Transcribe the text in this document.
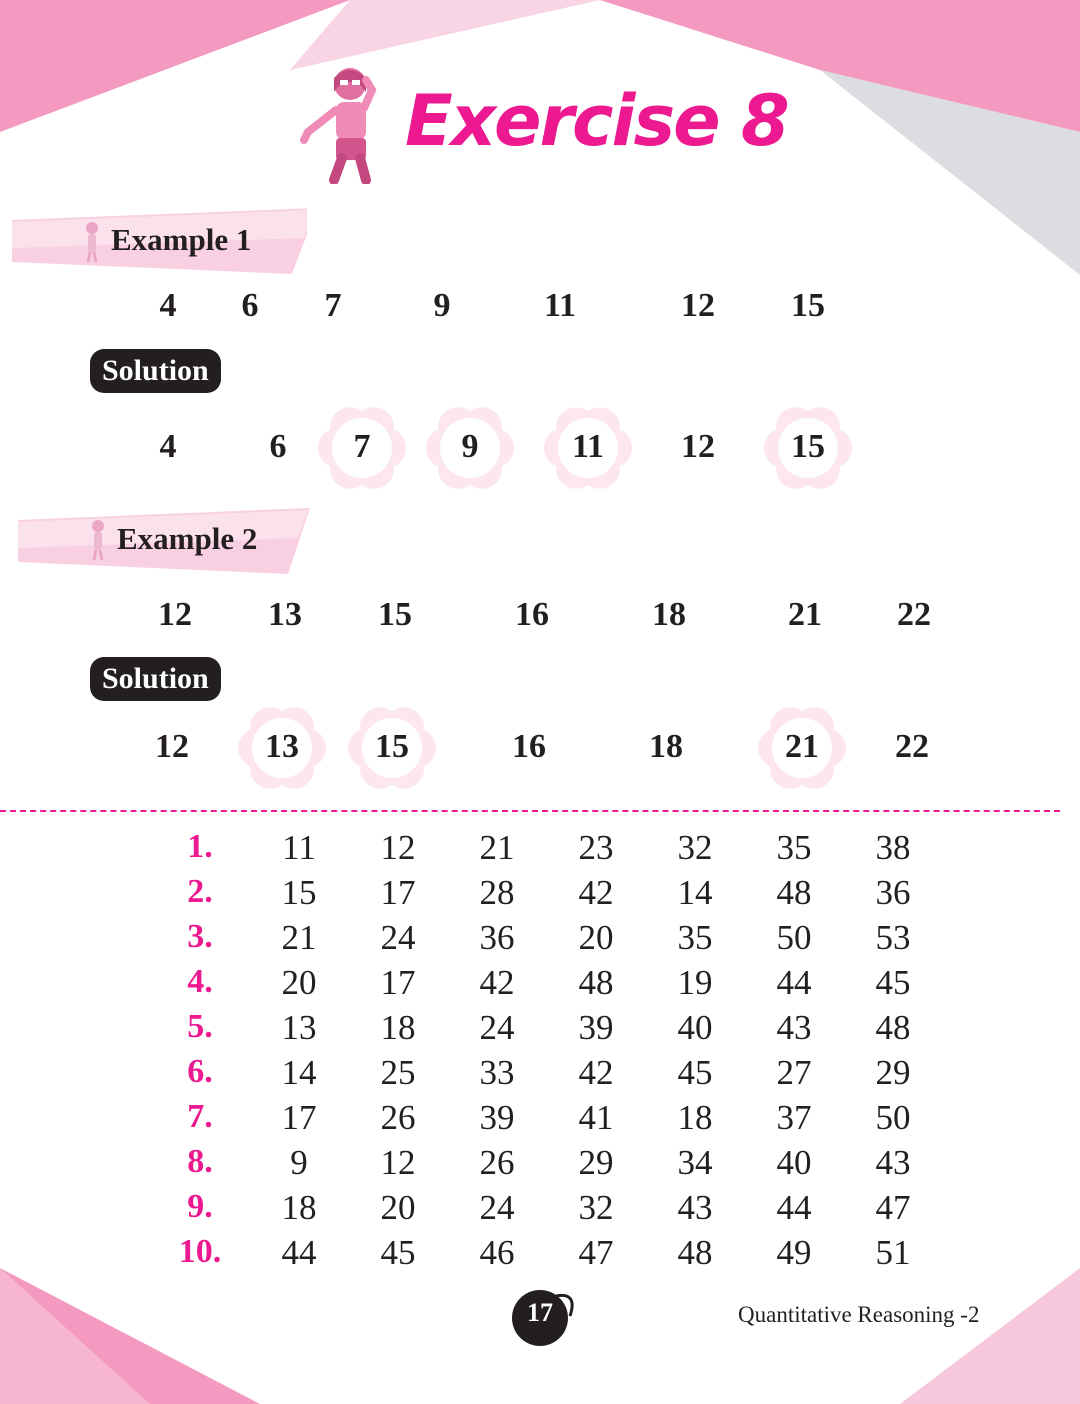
Exercise 8
Example 1
4	6	7	9	11	12	15
Solution
4	6	7	9	11	12	15
Example 2
12	13	15	16	18	21	22
Solution
12	13	15	16	18	21	22
1.	11	12	21	23	32	35	38
2.	15	17	28	42	14	48	36
3.	21	24	36	20	35	50	53
4.	20	17	42	48	19	44	45
5.	13	18	24	39	40	43	48
6.	14	25	33	42	45	27	29
7.	17	26	39	41	18	37	50
8.	9	12	26	29	34	40	43
9.	18	20	24	32	43	44	47
10.	44	45	46	47	48	49	51
17	Quantitative Reasoning -2
